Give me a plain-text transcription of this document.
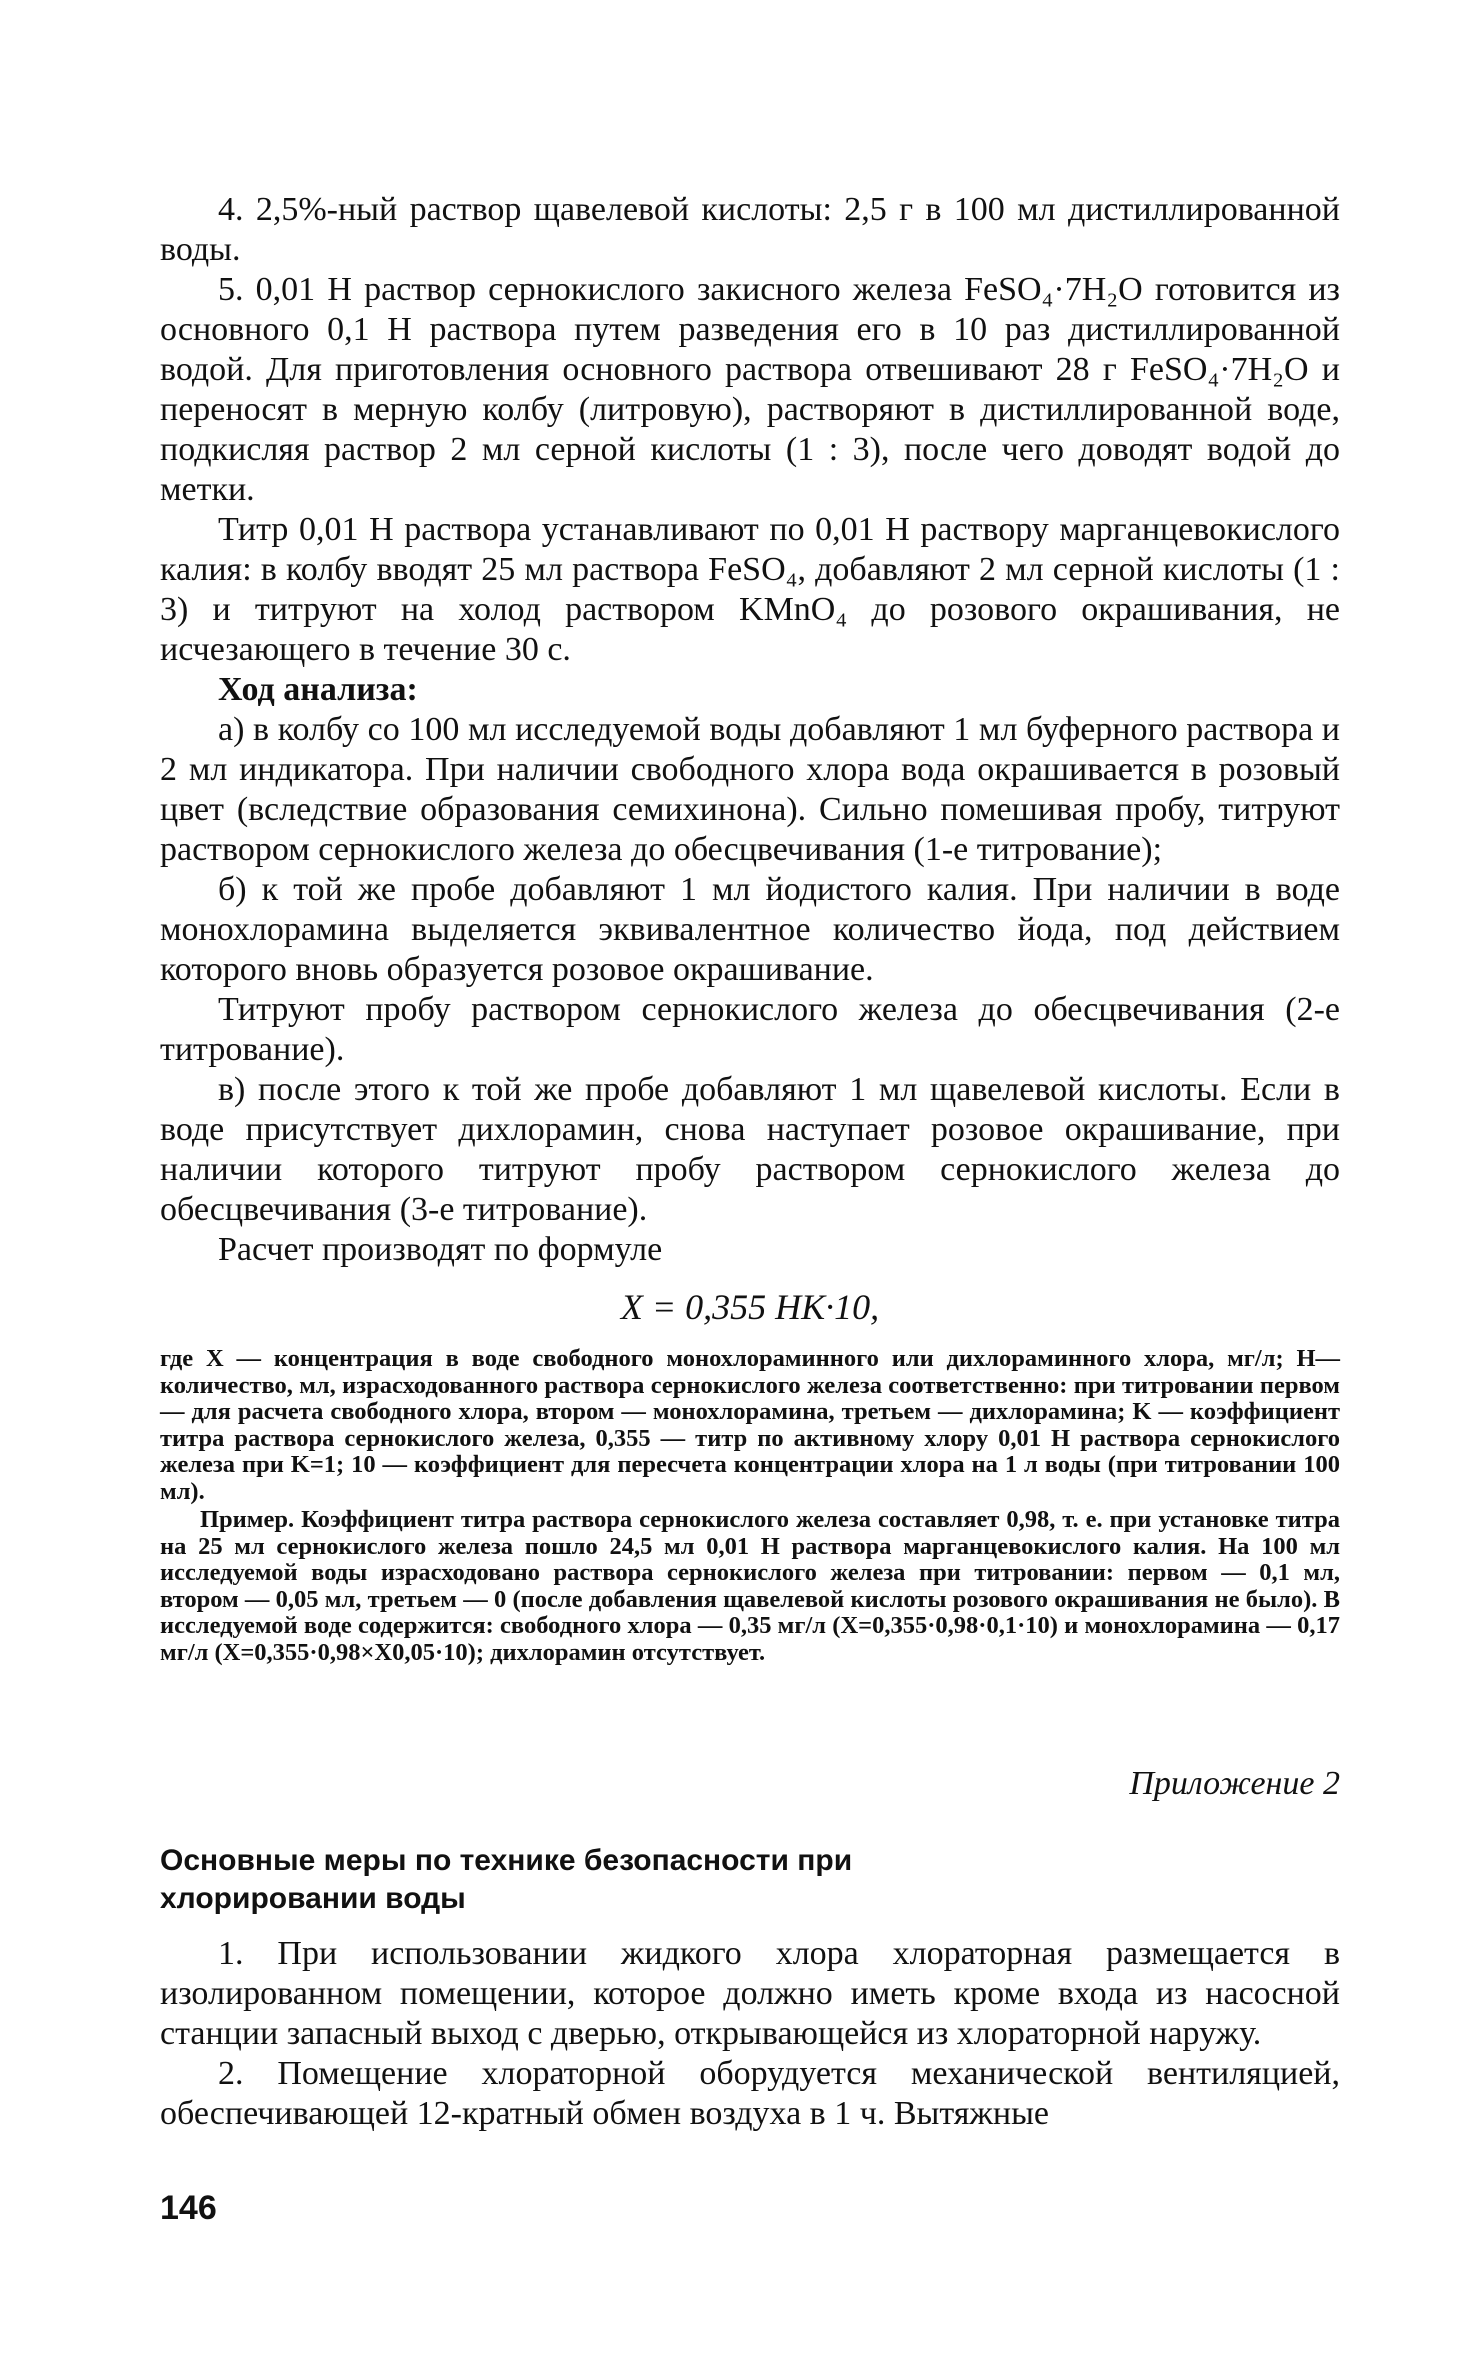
4. 2,5%-ный раствор щавелевой кислоты: 2,5 г в 100 мл дистиллированной воды.

5. 0,01 Н раствор сернокислого закисного железа FeSO₄·7H₂O готовится из основного 0,1 Н раствора путем разведения его в 10 раз дистиллированной водой. Для приготовления основного раствора отвешивают 28 г FeSO₄·7H₂O и переносят в мерную колбу (литровую), растворяют в дистиллированной воде, подкисляя раствор 2 мл серной кислоты (1 : 3), после чего доводят водой до метки.

Титр 0,01 Н раствора устанавливают по 0,01 Н раствору марганцевокислого калия: в колбу вводят 25 мл раствора FeSO₄, добавляют 2 мл серной кислоты (1 : 3) и титруют на холод раствором KMnO₄ до розового окрашивания, не исчезающего в течение 30 с.

Ход анализа:

а) в колбу со 100 мл исследуемой воды добавляют 1 мл буферного раствора и 2 мл индикатора. При наличии свободного хлора вода окрашивается в розовый цвет (вследствие образования семихинона). Сильно помешивая пробу, титруют раствором сернокислого железа до обесцвечивания (1-е титрование);

б) к той же пробе добавляют 1 мл йодистого калия. При наличии в воде монохлорамина выделяется эквивалентное количество йода, под действием которого вновь образуется розовое окрашивание.

Титруют пробу раствором сернокислого железа до обесцвечивания (2-е титрование).

в) после этого к той же пробе добавляют 1 мл щавелевой кислоты. Если в воде присутствует дихлорамин, снова наступает розовое окрашивание, при наличии которого титруют пробу раствором сернокислого железа до обесцвечивания (3-е титрование).

Расчет производят по формуле

X = 0,355 HK·10,

где X — концентрация в воде свободного монохлораминного или дихлораминного хлора, мг/л; H—количество, мл, израсходованного раствора сернокислого железа соответственно: при титровании первом — для расчета свободного хлора, втором — монохлорамина, третьем — дихлорамина; K — коэффициент титра раствора сернокислого железа, 0,355 — титр по активному хлору 0,01 Н раствора сернокислого железа при K=1; 10 — коэффициент для пересчета концентрации хлора на 1 л воды (при титровании 100 мл).

Пример. Коэффициент титра раствора сернокислого железа составляет 0,98, т. е. при установке титра на 25 мл сернокислого железа пошло 24,5 мл 0,01 Н раствора марганцевокислого калия. На 100 мл исследуемой воды израсходовано раствора сернокислого железа при титровании: первом — 0,1 мл, втором — 0,05 мл, третьем — 0 (после добавления щавелевой кислоты розового окрашивания не было). В исследуемой воде содержится: свободного хлора — 0,35 мг/л (X=0,355·0,98·0,1·10) и монохлорамина — 0,17 мг/л (X=0,355·0,98×X0,05·10); дихлорамин отсутствует.

Приложение 2

Основные меры по технике безопасности при хлорировании воды

1. При использовании жидкого хлора хлораторная размещается в изолированном помещении, которое должно иметь кроме входа из насосной станции запасный выход с дверью, открывающейся из хлораторной наружу.

2. Помещение хлораторной оборудуется механической вентиляцией, обеспечивающей 12-кратный обмен воздуха в 1 ч. Вытяжные

146
